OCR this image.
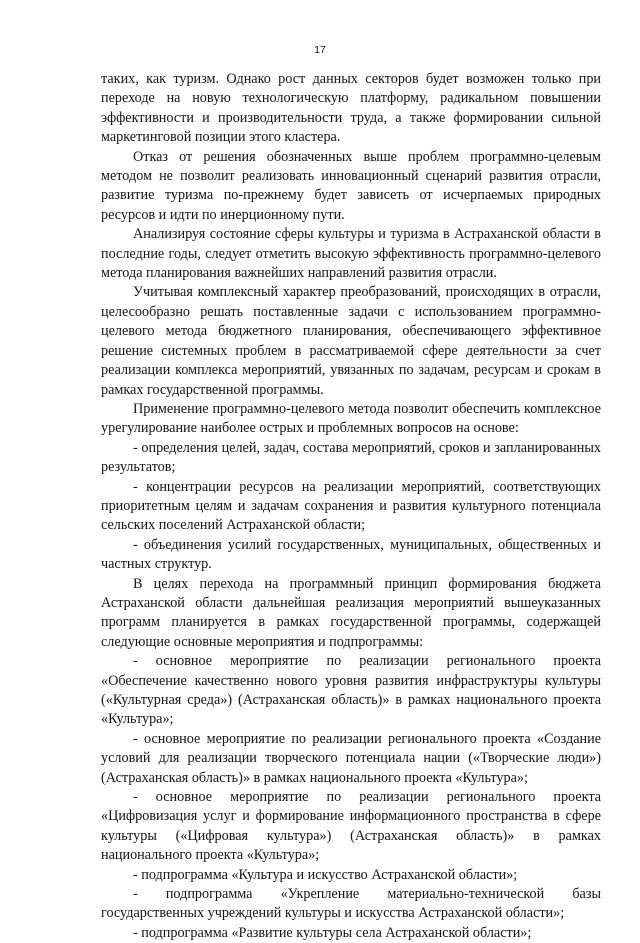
17

таких, как туризм. Однако рост данных секторов будет возможен только при переходе на новую технологическую платформу, радикальном повышении эффективности и производительности труда, а также формировании сильной маркетинговой позиции этого кластера.

Отказ от решения обозначенных выше проблем программно-целевым методом не позволит реализовать инновационный сценарий развития отрасли, развитие туризма по-прежнему будет зависеть от исчерпаемых природных ресурсов и идти по инерционному пути.

Анализируя состояние сферы культуры и туризма в Астраханской области в последние годы, следует отметить высокую эффективность программно-целевого метода планирования важнейших направлений развития отрасли.

Учитывая комплексный характер преобразований, происходящих в отрасли, целесообразно решать поставленные задачи с использованием программно-целевого метода бюджетного планирования, обеспечивающего эффективное решение системных проблем в рассматриваемой сфере деятельности за счет реализации комплекса мероприятий, увязанных по задачам, ресурсам и срокам в рамках государственной программы.

Применение программно-целевого метода позволит обеспечить комплексное урегулирование наиболее острых и проблемных вопросов на основе:

- определения целей, задач, состава мероприятий, сроков и запланированных результатов;

- концентрации ресурсов на реализации мероприятий, соответствующих приоритетным целям и задачам сохранения и развития культурного потенциала сельских поселений Астраханской области;

- объединения усилий государственных, муниципальных, общественных и частных структур.

В целях перехода на программный принцип формирования бюджета Астраханской области дальнейшая реализация мероприятий вышеуказанных программ планируется в рамках государственной программы, содержащей следующие основные мероприятия и подпрограммы:

- основное мероприятие по реализации регионального проекта «Обеспечение качественно нового уровня развития инфраструктуры культуры («Культурная среда») (Астраханская область)» в рамках национального проекта «Культура»;

- основное мероприятие по реализации регионального проекта «Создание условий для реализации творческого потенциала нации («Творческие люди») (Астраханская область)» в рамках национального проекта «Культура»;

- основное мероприятие по реализации регионального проекта «Цифровизация услуг и формирование информационного пространства в сфере культуры («Цифровая культура») (Астраханская область)» в рамках национального проекта «Культура»;

- подпрограмма «Культура и искусство Астраханской области»;

- подпрограмма «Укрепление материально-технической базы государственных учреждений культуры и искусства Астраханской области»;

- подпрограмма «Развитие культуры села Астраханской области»;
